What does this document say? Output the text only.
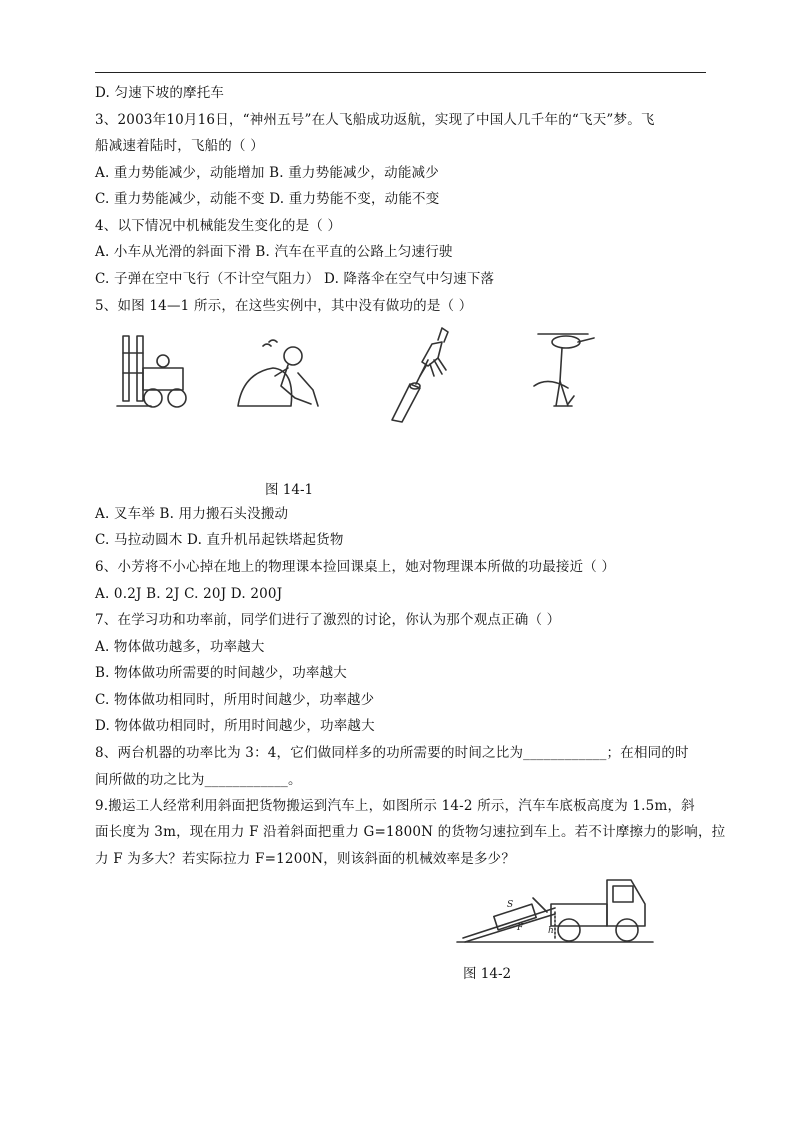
D. 匀速下坡的摩托车
3、2003年10月16日，“神州五号”在人飞船成功返航，实现了中国人几千年的“飞天”梦。飞
船减速着陆时，飞船的（ ）
A. 重力势能减少，动能增加 B. 重力势能减少，动能减少
C. 重力势能减少，动能不变 D. 重力势能不变，动能不变
4、以下情况中机械能发生变化的是（ ）
A. 小车从光滑的斜面下滑 B. 汽车在平直的公路上匀速行驶
C. 子弹在空中飞行（不计空气阻力） D. 降落伞在空气中匀速下落
5、如图 14—1 所示，在这些实例中，其中没有做功的是（ ）
图 14-1
A. 叉车举 B. 用力搬石头没搬动
C. 马拉动圆木 D. 直升机吊起铁塔起货物
6、小芳将不小心掉在地上的物理课本捡回课桌上，她对物理课本所做的功最接近（ ）
A. 0.2J B. 2J C. 20J D. 200J
7、在学习功和功率前，同学们进行了激烈的讨论，你认为那个观点正确（ ）
A. 物体做功越多，功率越大
B. 物体做功所需要的时间越少，功率越大
C. 物体做功相同时，所用时间越少，功率越少
D. 物体做功相同时，所用时间越少，功率越大
8、两台机器的功率比为 3：4，它们做同样多的功所需要的时间之比为____________；在相同的时
间所做的功之比为____________。
9.搬运工人经常利用斜面把货物搬运到汽车上，如图所示 14-2 所示，汽车车底板高度为 1.5m，斜
面长度为 3m，现在用力 F 沿着斜面把重力 G=1800N 的货物匀速拉到车上。若不计摩擦力的影响，拉
力 F 为多大？若实际拉力 F=1200N，则该斜面的机械效率是多少？
S
F	h
图 14-2
